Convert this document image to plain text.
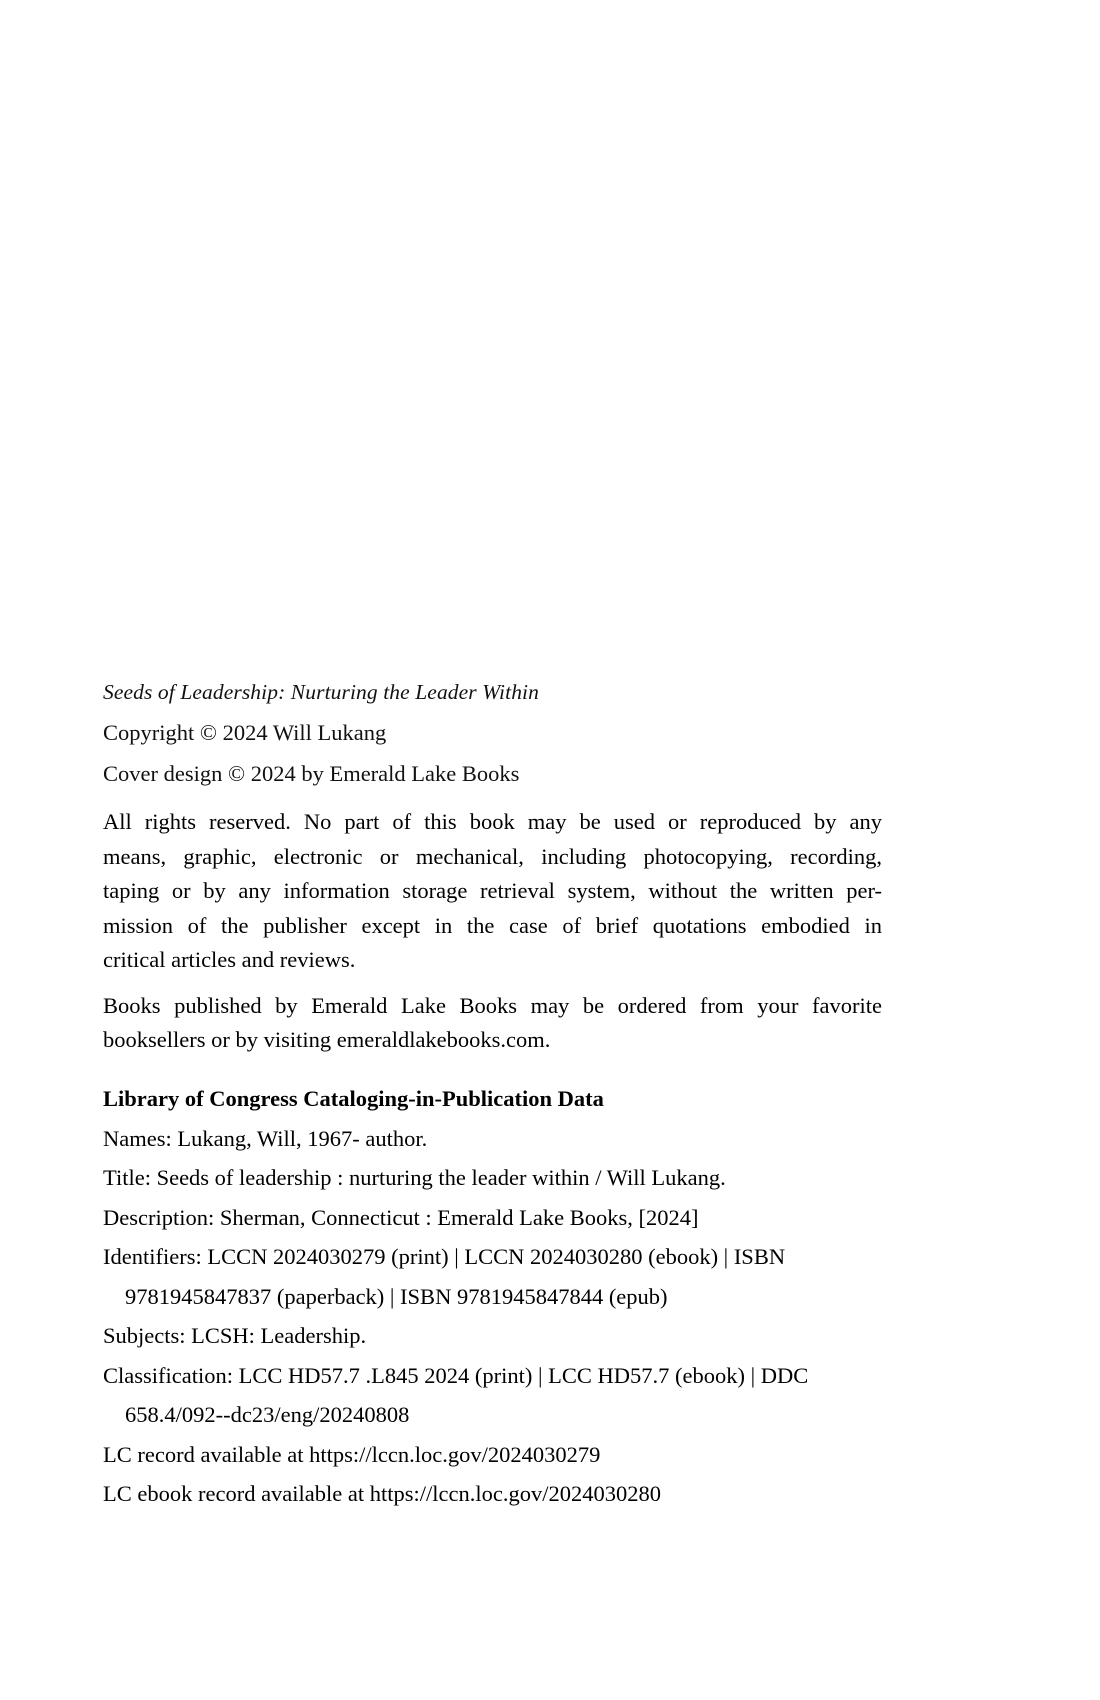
Seeds of Leadership: Nurturing the Leader Within
Copyright © 2024 Will Lukang
Cover design © 2024 by Emerald Lake Books
All rights reserved. No part of this book may be used or reproduced by any
means, graphic, electronic or mechanical, including photocopying, recording,
taping or by any information storage retrieval system, without the written per-
mission of the publisher except in the case of brief quotations embodied in
critical articles and reviews.
Books published by Emerald Lake Books may be ordered from your favorite
booksellers or by visiting emeraldlakebooks.com.
Library of Congress Cataloging-in-Publication Data
Names: Lukang, Will, 1967- author.
Title: Seeds of leadership : nurturing the leader within / Will Lukang.
Description: Sherman, Connecticut : Emerald Lake Books, [2024]
Identifiers: LCCN 2024030279 (print) | LCCN 2024030280 (ebook) | ISBN
9781945847837 (paperback) | ISBN 9781945847844 (epub)
Subjects: LCSH: Leadership.
Classification: LCC HD57.7 .L845 2024 (print) | LCC HD57.7 (ebook) | DDC
658.4/092--dc23/eng/20240808
LC record available at https://lccn.loc.gov/2024030279
LC ebook record available at https://lccn.loc.gov/2024030280
